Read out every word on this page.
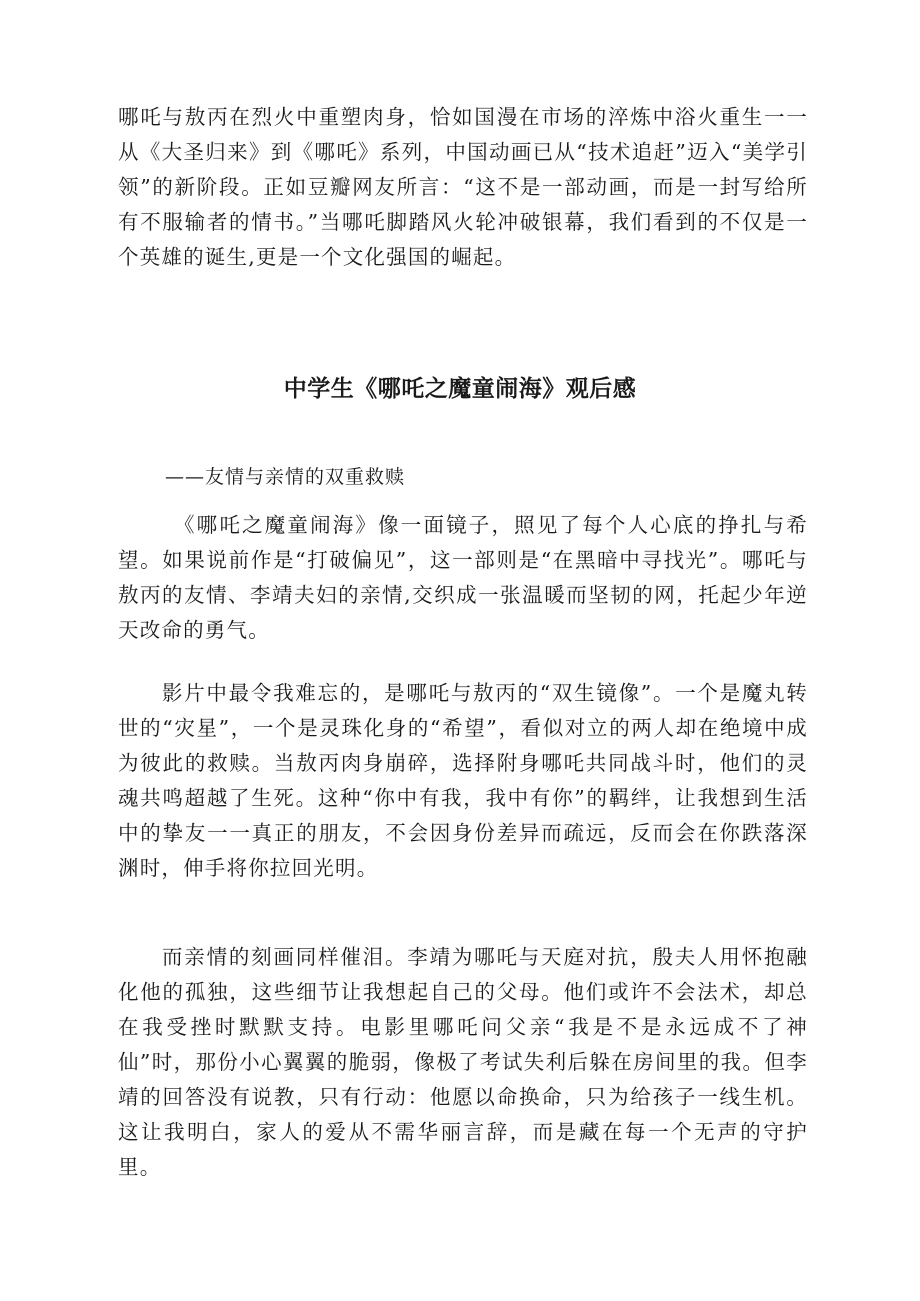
哪吒与敖丙在烈火中重塑肉身，恰如国漫在市场的淬炼中浴火重生一一从《大圣归来》到《哪吒》系列，中国动画已从“技术追赶”迈入“美学引领”的新阶段。正如豆瓣网友所言：“这不是一部动画，而是一封写给所有不服输者的情书。”当哪吒脚踏风火轮冲破银幕，我们看到的不仅是一个英雄的诞生,更是一个文化强国的崛起。

中学生《哪吒之魔童闹海》观后感

——友情与亲情的双重救赎

《哪吒之魔童闹海》像一面镜子，照见了每个人心底的挣扎与希望。如果说前作是“打破偏见”，这一部则是“在黑暗中寻找光”。哪吒与敖丙的友情、李靖夫妇的亲情,交织成一张温暖而坚韧的网，托起少年逆天改命的勇气。

影片中最令我难忘的，是哪吒与敖丙的“双生镜像”。一个是魔丸转世的“灾星”，一个是灵珠化身的“希望”，看似对立的两人却在绝境中成为彼此的救赎。当敖丙肉身崩碎，选择附身哪吒共同战斗时，他们的灵魂共鸣超越了生死。这种“你中有我，我中有你”的羁绊，让我想到生活中的挚友一一真正的朋友，不会因身份差异而疏远，反而会在你跌落深渊时，伸手将你拉回光明。

而亲情的刻画同样催泪。李靖为哪吒与天庭对抗，殷夫人用怀抱融化他的孤独，这些细节让我想起自己的父母。他们或许不会法术，却总在我受挫时默默支持。电影里哪吒问父亲“我是不是永远成不了神仙”时，那份小心翼翼的脆弱，像极了考试失利后躲在房间里的我。但李靖的回答没有说教，只有行动：他愿以命换命，只为给孩子一线生机。这让我明白，家人的爱从不需华丽言辞，而是藏在每一个无声的守护里。
